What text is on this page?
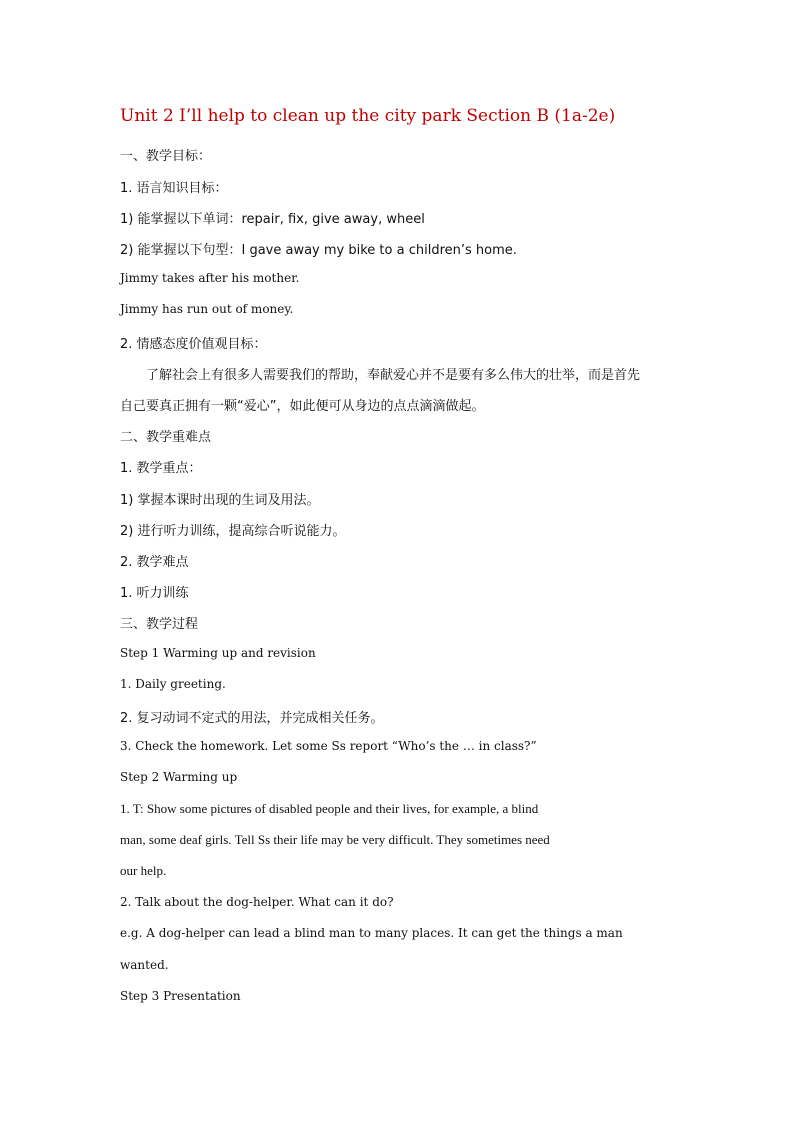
Unit 2 I’ll help to clean up the city park Section B (1a-2e)
一、教学目标：
1. 语言知识目标：
1) 能掌握以下单词：repair, fix, give away, wheel
2) 能掌握以下句型：I gave away my bike to a children’s home.
Jimmy takes after his mother.
Jimmy has run out of money.
2. 情感态度价值观目标：
了解社会上有很多人需要我们的帮助，奉献爱心并不是要有多么伟大的壮举，而是首先
自己要真正拥有一颗“爱心”，如此便可从身边的点点滴滴做起。
二、教学重难点
1. 教学重点：
1) 掌握本课时出现的生词及用法。
2) 进行听力训练，提高综合听说能力。
2. 教学难点
1. 听力训练
三、教学过程
Step 1 Warming up and revision
1. Daily greeting.
2. 复习动词不定式的用法，并完成相关任务。
3. Check the homework. Let some Ss report “Who’s the … in class?”
Step 2 Warming up
1. T: Show some pictures of disabled people and their lives, for example, a blind
man, some deaf girls. Tell Ss their life may be very difficult. They sometimes need
our help.
2. Talk about the dog-helper. What can it do?
e.g. A dog-helper can lead a blind man to many places. It can get the things a man
wanted.
Step 3 Presentation
